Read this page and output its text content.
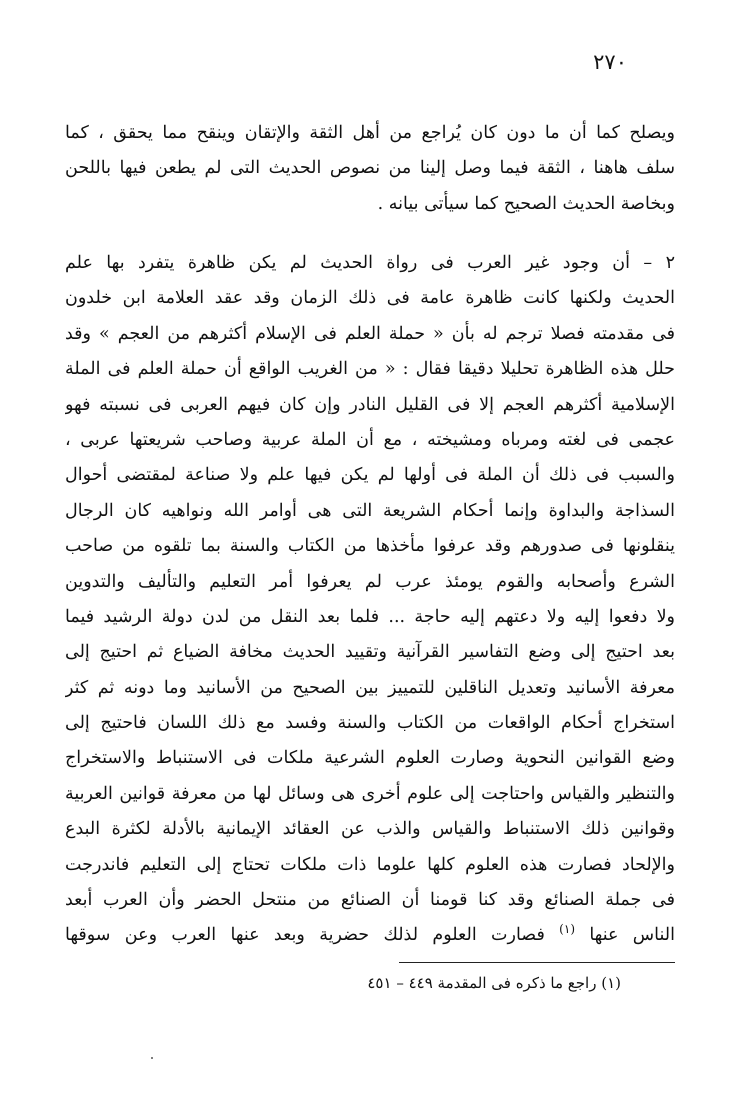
٢٧٠

ويصلح كما أن ما دون كان يُراجع من أهل الثقة والإتقان وينقح مما يحقق ، كما
سلف هاهنا ، الثقة فيما وصل إلينا من نصوص الحديث التى لم يطعن فيها باللحن
وبخاصة الحديث الصحيح كما سيأتى بيانه .

٢ – أن وجود غير العرب فى رواة الحديث لم يكن ظاهرة يتفرد بها علم
الحديث ولكنها كانت ظاهرة عامة فى ذلك الزمان وقد عقد العلامة ابن خلدون
فى مقدمته فصلا ترجم له بأن « حملة العلم فى الإسلام أكثرهم من العجم » وقد
حلل هذه الظاهرة تحليلا دقيقا فقال : « من الغريب الواقع أن حملة العلم فى الملة
الإسلامية أكثرهم العجم إلا فى القليل النادر وإن كان فيهم العربى فى نسبته فهو
عجمى فى لغته ومرباه ومشيخته ، مع أن الملة عربية وصاحب شريعتها عربى ،
والسبب فى ذلك أن الملة فى أولها لم يكن فيها علم ولا صناعة لمقتضى أحوال
السذاجة والبداوة وإنما أحكام الشريعة التى هى أوامر الله ونواهيه كان الرجال
ينقلونها فى صدورهم وقد عرفوا مأخذها من الكتاب والسنة بما تلقوه من صاحب
الشرع وأصحابه والقوم يومئذ عرب لم يعرفوا أمر التعليم والتأليف والتدوين
ولا دفعوا إليه ولا دعتهم إليه حاجة ... فلما بعد النقل من لدن دولة الرشيد فيما
بعد احتيج إلى وضع التفاسير القرآنية وتقييد الحديث مخافة الضياع ثم احتيج إلى
معرفة الأسانيد وتعديل الناقلين للتمييز بين الصحيح من الأسانيد وما دونه ثم كثر
استخراج أحكام الواقعات من الكتاب والسنة وفسد مع ذلك اللسان فاحتيج إلى
وضع القوانين النحوية وصارت العلوم الشرعية ملكات فى الاستنباط والاستخراج
والتنظير والقياس واحتاجت إلى علوم أخرى هى وسائل لها من معرفة قوانين العربية
وقوانين ذلك الاستنباط والقياس والذب عن العقائد الإيمانية بالأدلة لكثرة البدع
والإلحاد فصارت هذه العلوم كلها علوما ذات ملكات تحتاج إلى التعليم فاندرجت
فى جملة الصنائع وقد كنا قومنا أن الصنائع من منتحل الحضر وأن العرب أبعد
الناس عنها $^{(١)}$ فصارت العلوم لذلك حضرية وبعد عنها العرب وعن سوقها

(١) راجع ما ذكره فى المقدمة ٤٤٩ – ٤٥١
